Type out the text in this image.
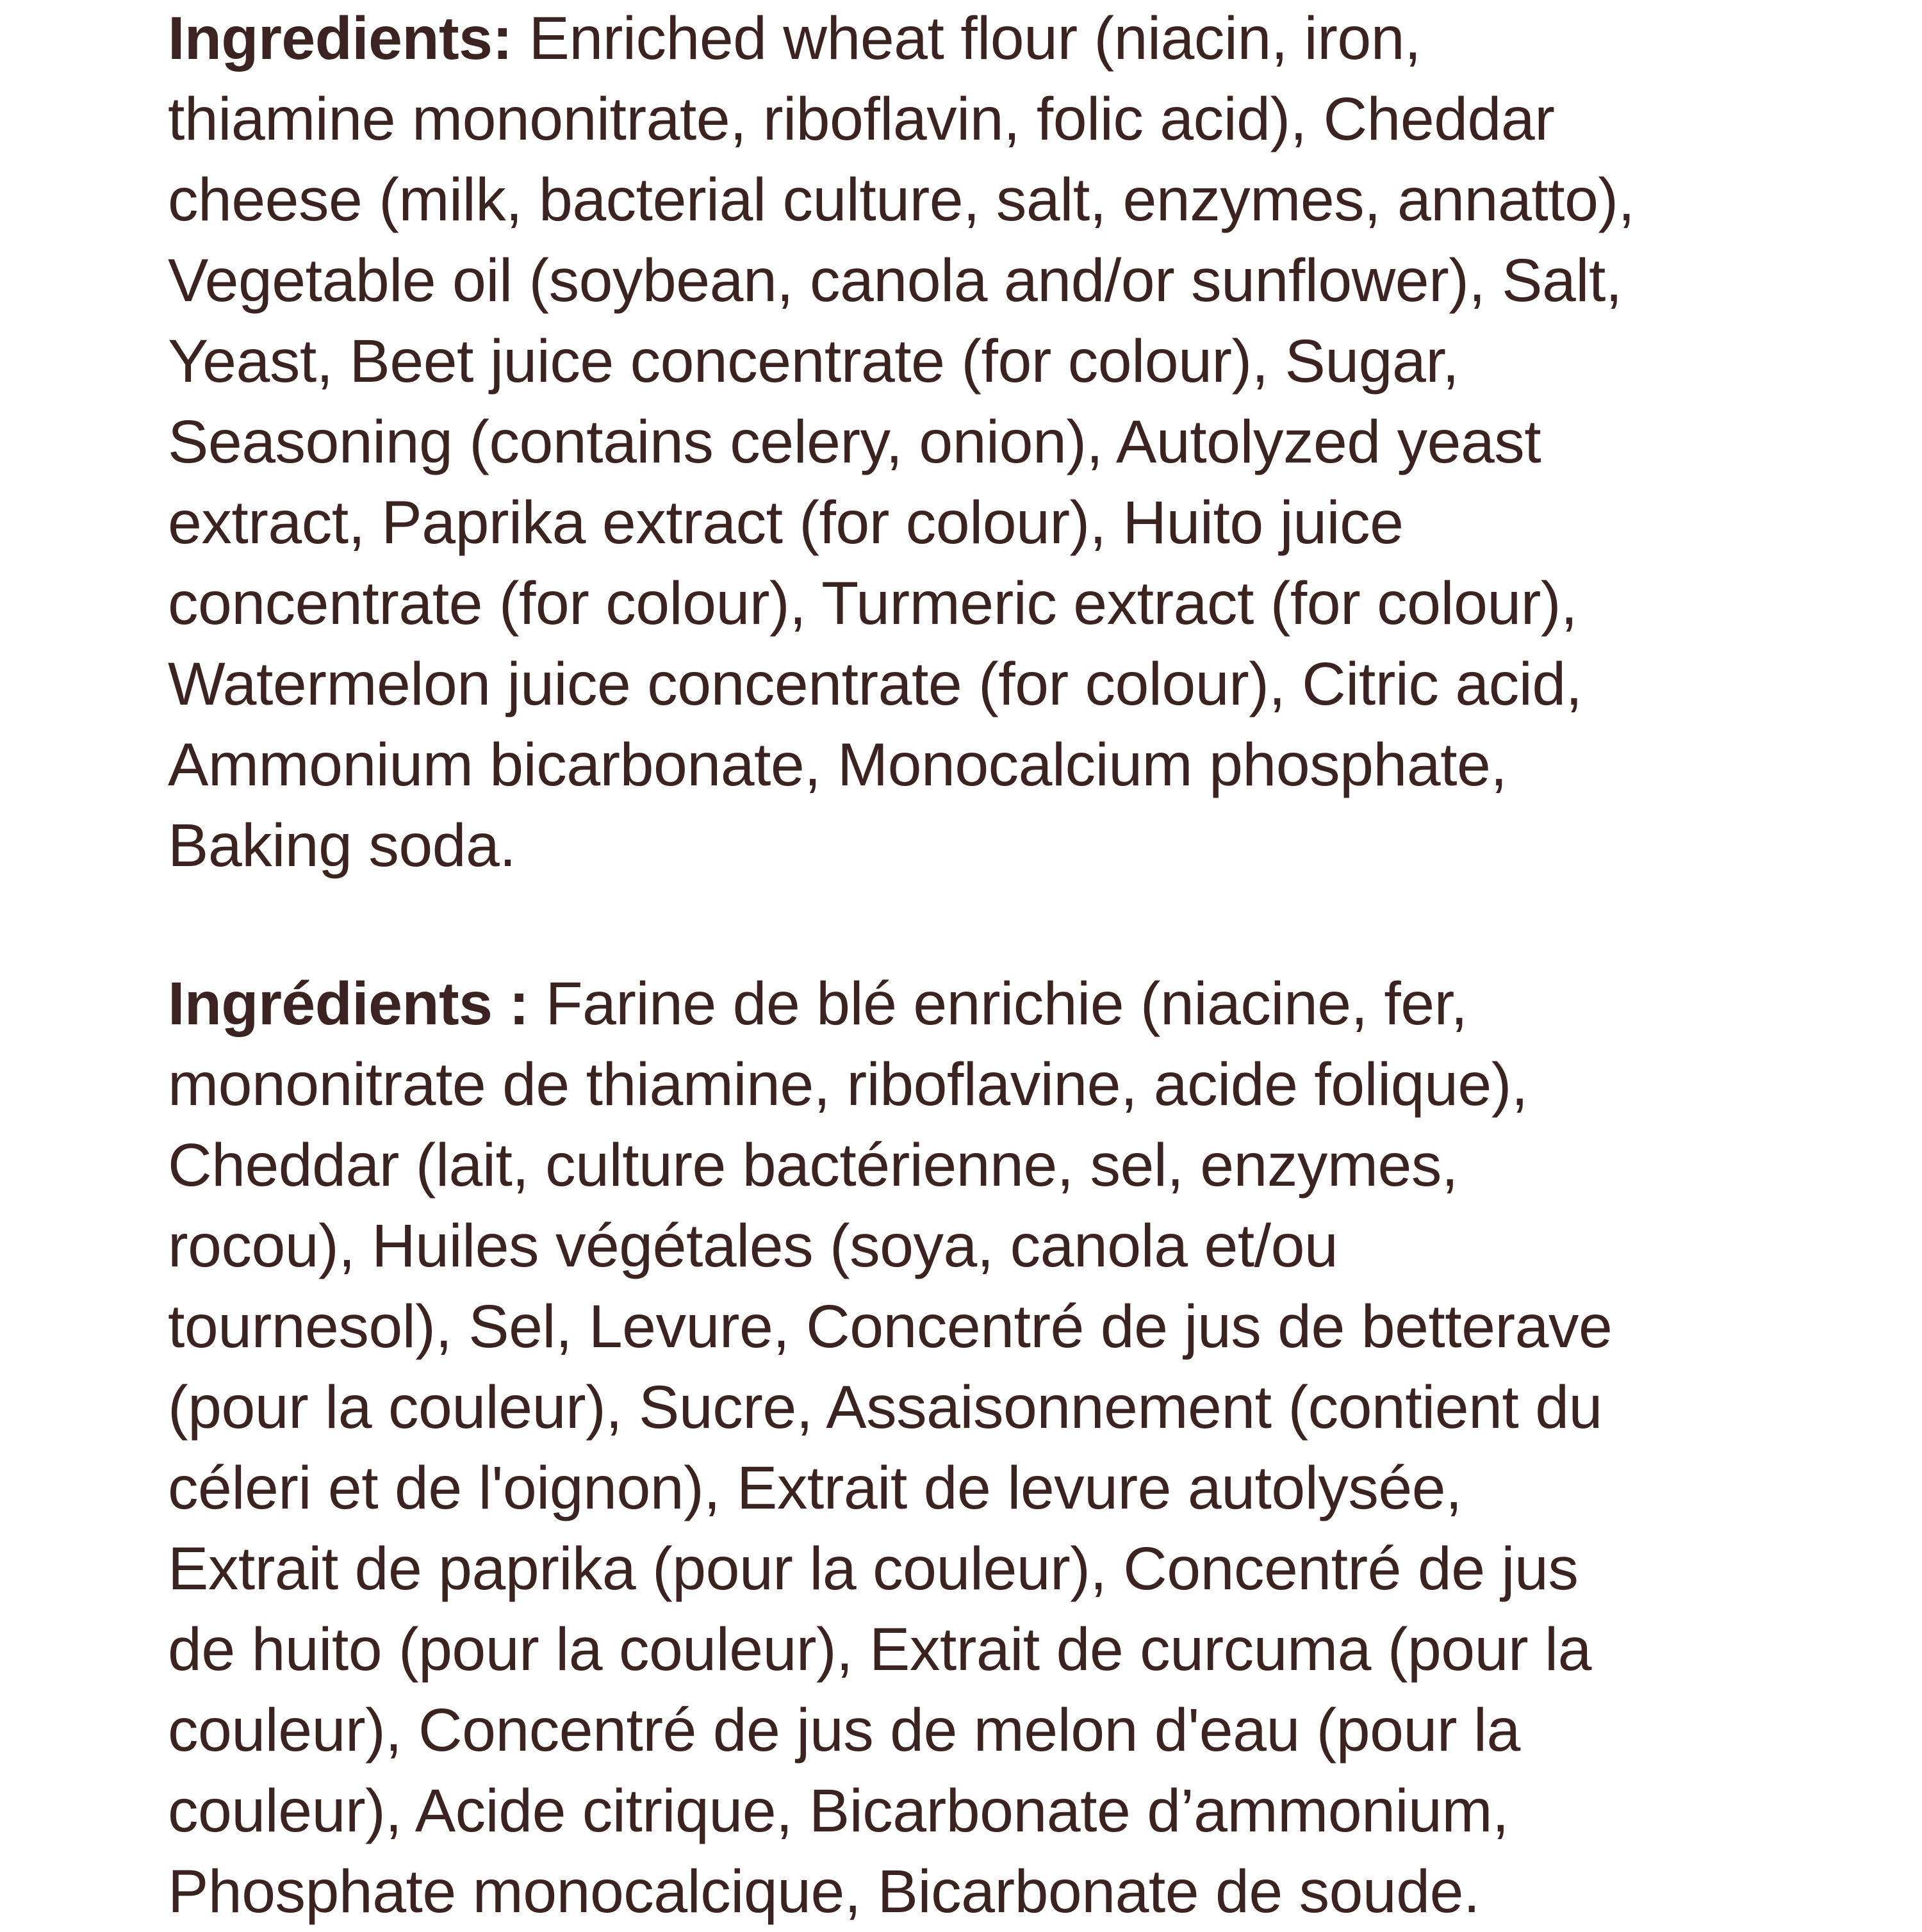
Ingredients: Enriched wheat flour (niacin, iron,

thiamine mononitrate, riboflavin, folic acid), Cheddar

cheese (milk, bacterial culture, salt, enzymes, annatto),

Vegetable oil (soybean, canola and/or sunflower), Salt,

Yeast, Beet juice concentrate (for colour), Sugar,

Seasoning (contains celery, onion), Autolyzed yeast

extract, Paprika extract (for colour), Huito juice

concentrate (for colour), Turmeric extract (for colour),

Watermelon juice concentrate (for colour), Citric acid,

Ammonium bicarbonate, Monocalcium phosphate,

Baking soda.

Ingrédients : Farine de blé enrichie (niacine, fer,

mononitrate de thiamine, riboflavine, acide folique),

Cheddar (lait, culture bactérienne, sel, enzymes,

rocou), Huiles végétales (soya, canola et/ou

tournesol), Sel, Levure, Concentré de jus de betterave

(pour la couleur), Sucre, Assaisonnement (contient du

céleri et de l'oignon), Extrait de levure autolysée,

Extrait de paprika (pour la couleur), Concentré de jus

de huito (pour la couleur), Extrait de curcuma (pour la

couleur), Concentré de jus de melon d'eau (pour la

couleur), Acide citrique, Bicarbonate d’ammonium,

Phosphate monocalcique, Bicarbonate de soude.
